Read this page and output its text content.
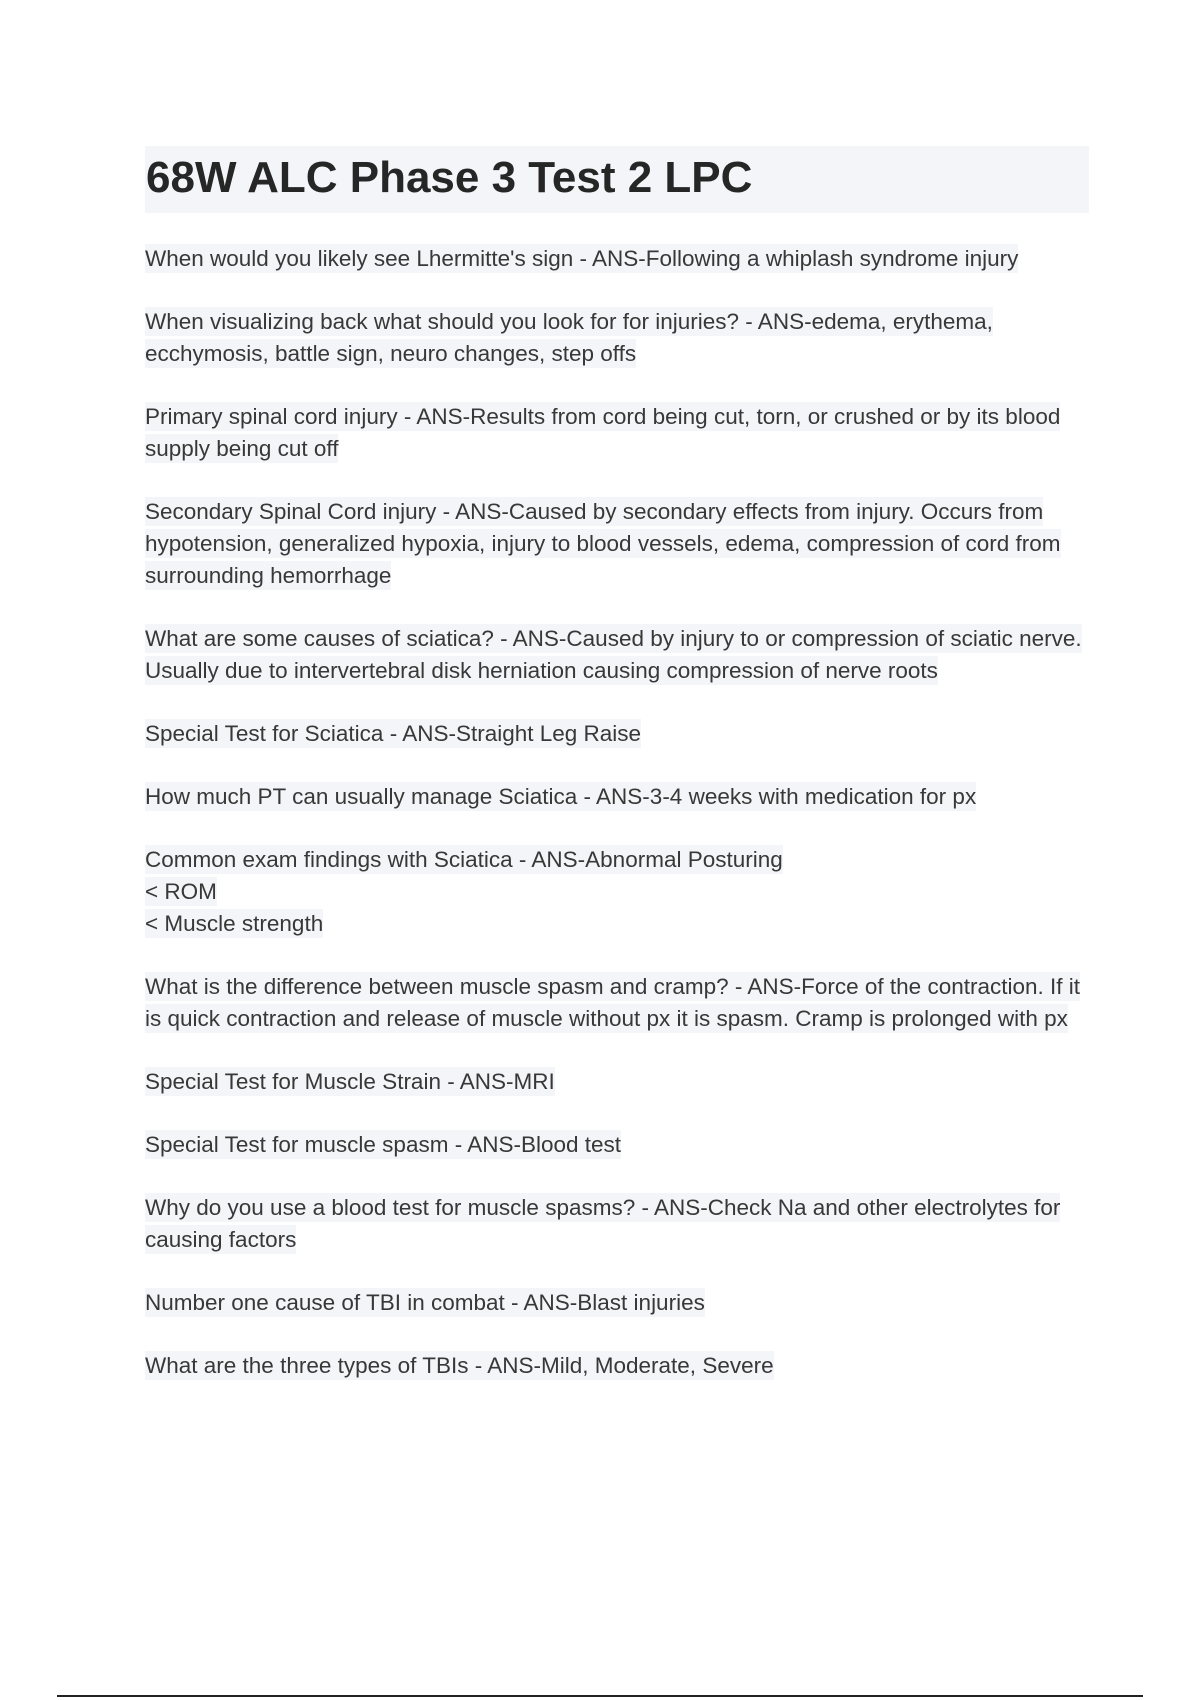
68W ALC Phase 3 Test 2 LPC

When would you likely see Lhermitte's sign - ANS-Following a whiplash syndrome injury

When visualizing back what should you look for for injuries? - ANS-edema, erythema, ecchymosis, battle sign, neuro changes, step offs

Primary spinal cord injury - ANS-Results from cord being cut, torn, or crushed or by its blood supply being cut off

Secondary Spinal Cord injury - ANS-Caused by secondary effects from injury. Occurs from hypotension, generalized hypoxia, injury to blood vessels, edema, compression of cord from surrounding hemorrhage

What are some causes of sciatica? - ANS-Caused by injury to or compression of sciatic nerve. Usually due to intervertebral disk herniation causing compression of nerve roots

Special Test for Sciatica - ANS-Straight Leg Raise

How much PT can usually manage Sciatica - ANS-3-4 weeks with medication for px

Common exam findings with Sciatica - ANS-Abnormal Posturing
< ROM
< Muscle strength

What is the difference between muscle spasm and cramp? - ANS-Force of the contraction. If it is quick contraction and release of muscle without px it is spasm. Cramp is prolonged with px

Special Test for Muscle Strain - ANS-MRI

Special Test for muscle spasm - ANS-Blood test

Why do you use a blood test for muscle spasms? - ANS-Check Na and other electrolytes for causing factors

Number one cause of TBI in combat - ANS-Blast injuries

What are the three types of TBIs - ANS-Mild, Moderate, Severe
